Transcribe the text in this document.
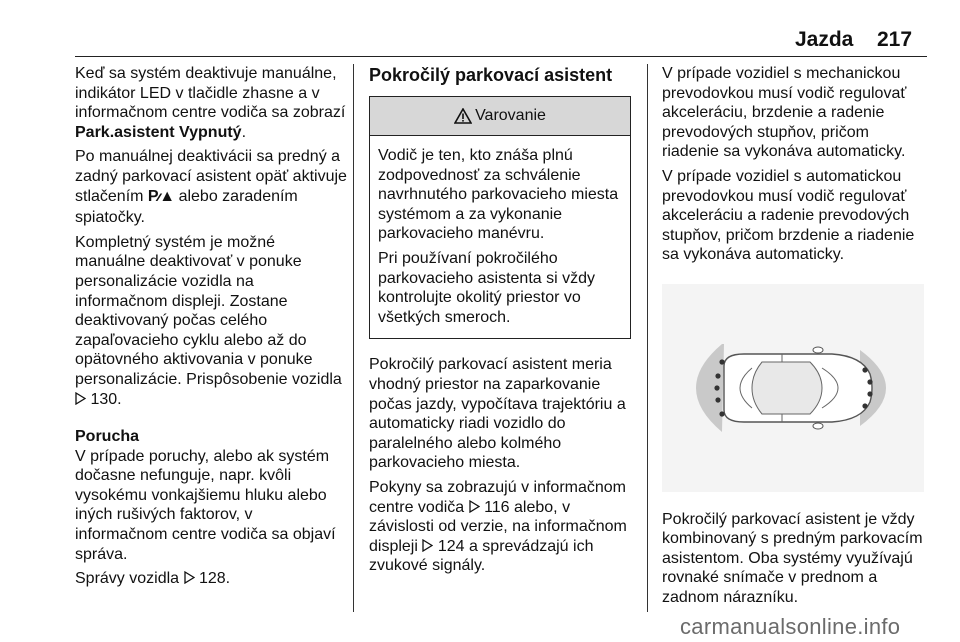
Jazda 217

Keď sa systém deaktivuje manuálne, indikátor LED v tlačidle zhasne a v informačnom centre vodiča sa zobrazí Park.asistent Vypnutý.

Po manuálnej deaktivácii sa predný a zadný parkovací asistent opäť aktivuje stlačením P⁄⁄▲ alebo zaradením spiatočky.

Kompletný systém je možné manuálne deaktivovať v ponuke personalizácie vozidla na informačnom displeji. Zostane deaktivovaný počas celého zapaľovacieho cyklu alebo až do opätovného aktivovania v ponuke personalizácie. Prispôsobenie vozidla  130.

Porucha

V prípade poruchy, alebo ak systém dočasne nefunguje, napr. kvôli vysokému vonkajšiemu hluku alebo iných rušivých faktorov, v informačnom centre vodiča sa objaví správa.

Správy vozidla  128.

Pokročilý parkovací asistent

Varovanie

Vodič je ten, kto znáša plnú zodpovednosť za schválenie navrhnutého parkovacieho miesta systémom a za vykonanie parkovacieho manévru.

Pri používaní pokročilého parkovacieho asistenta si vždy kontrolujte okolitý priestor vo všetkých smeroch.

Pokročilý parkovací asistent meria vhodný priestor na zaparkovanie počas jazdy, vypočítava trajektóriu a automaticky riadi vozidlo do paralelného alebo kolmého parkovacieho miesta.

Pokyny sa zobrazujú v informačnom centre vodiča  116 alebo, v závislosti od verzie, na informačnom displeji  124 a sprevádzajú ich zvukové signály.

V prípade vozidiel s mechanickou prevodovkou musí vodič regulovať akceleráciu, brzdenie a radenie prevodových stupňov, pričom riadenie sa vykonáva automaticky.

V prípade vozidiel s automatickou prevodovkou musí vodič regulovať akceleráciu a radenie prevodových stupňov, pričom brzdenie a riadenie sa vykonáva automaticky.

Pokročilý parkovací asistent je vždy kombinovaný s predným parkovacím asistentom. Oba systémy využívajú rovnaké snímače v prednom a zadnom nárazníku.

carmanualsonline.info
